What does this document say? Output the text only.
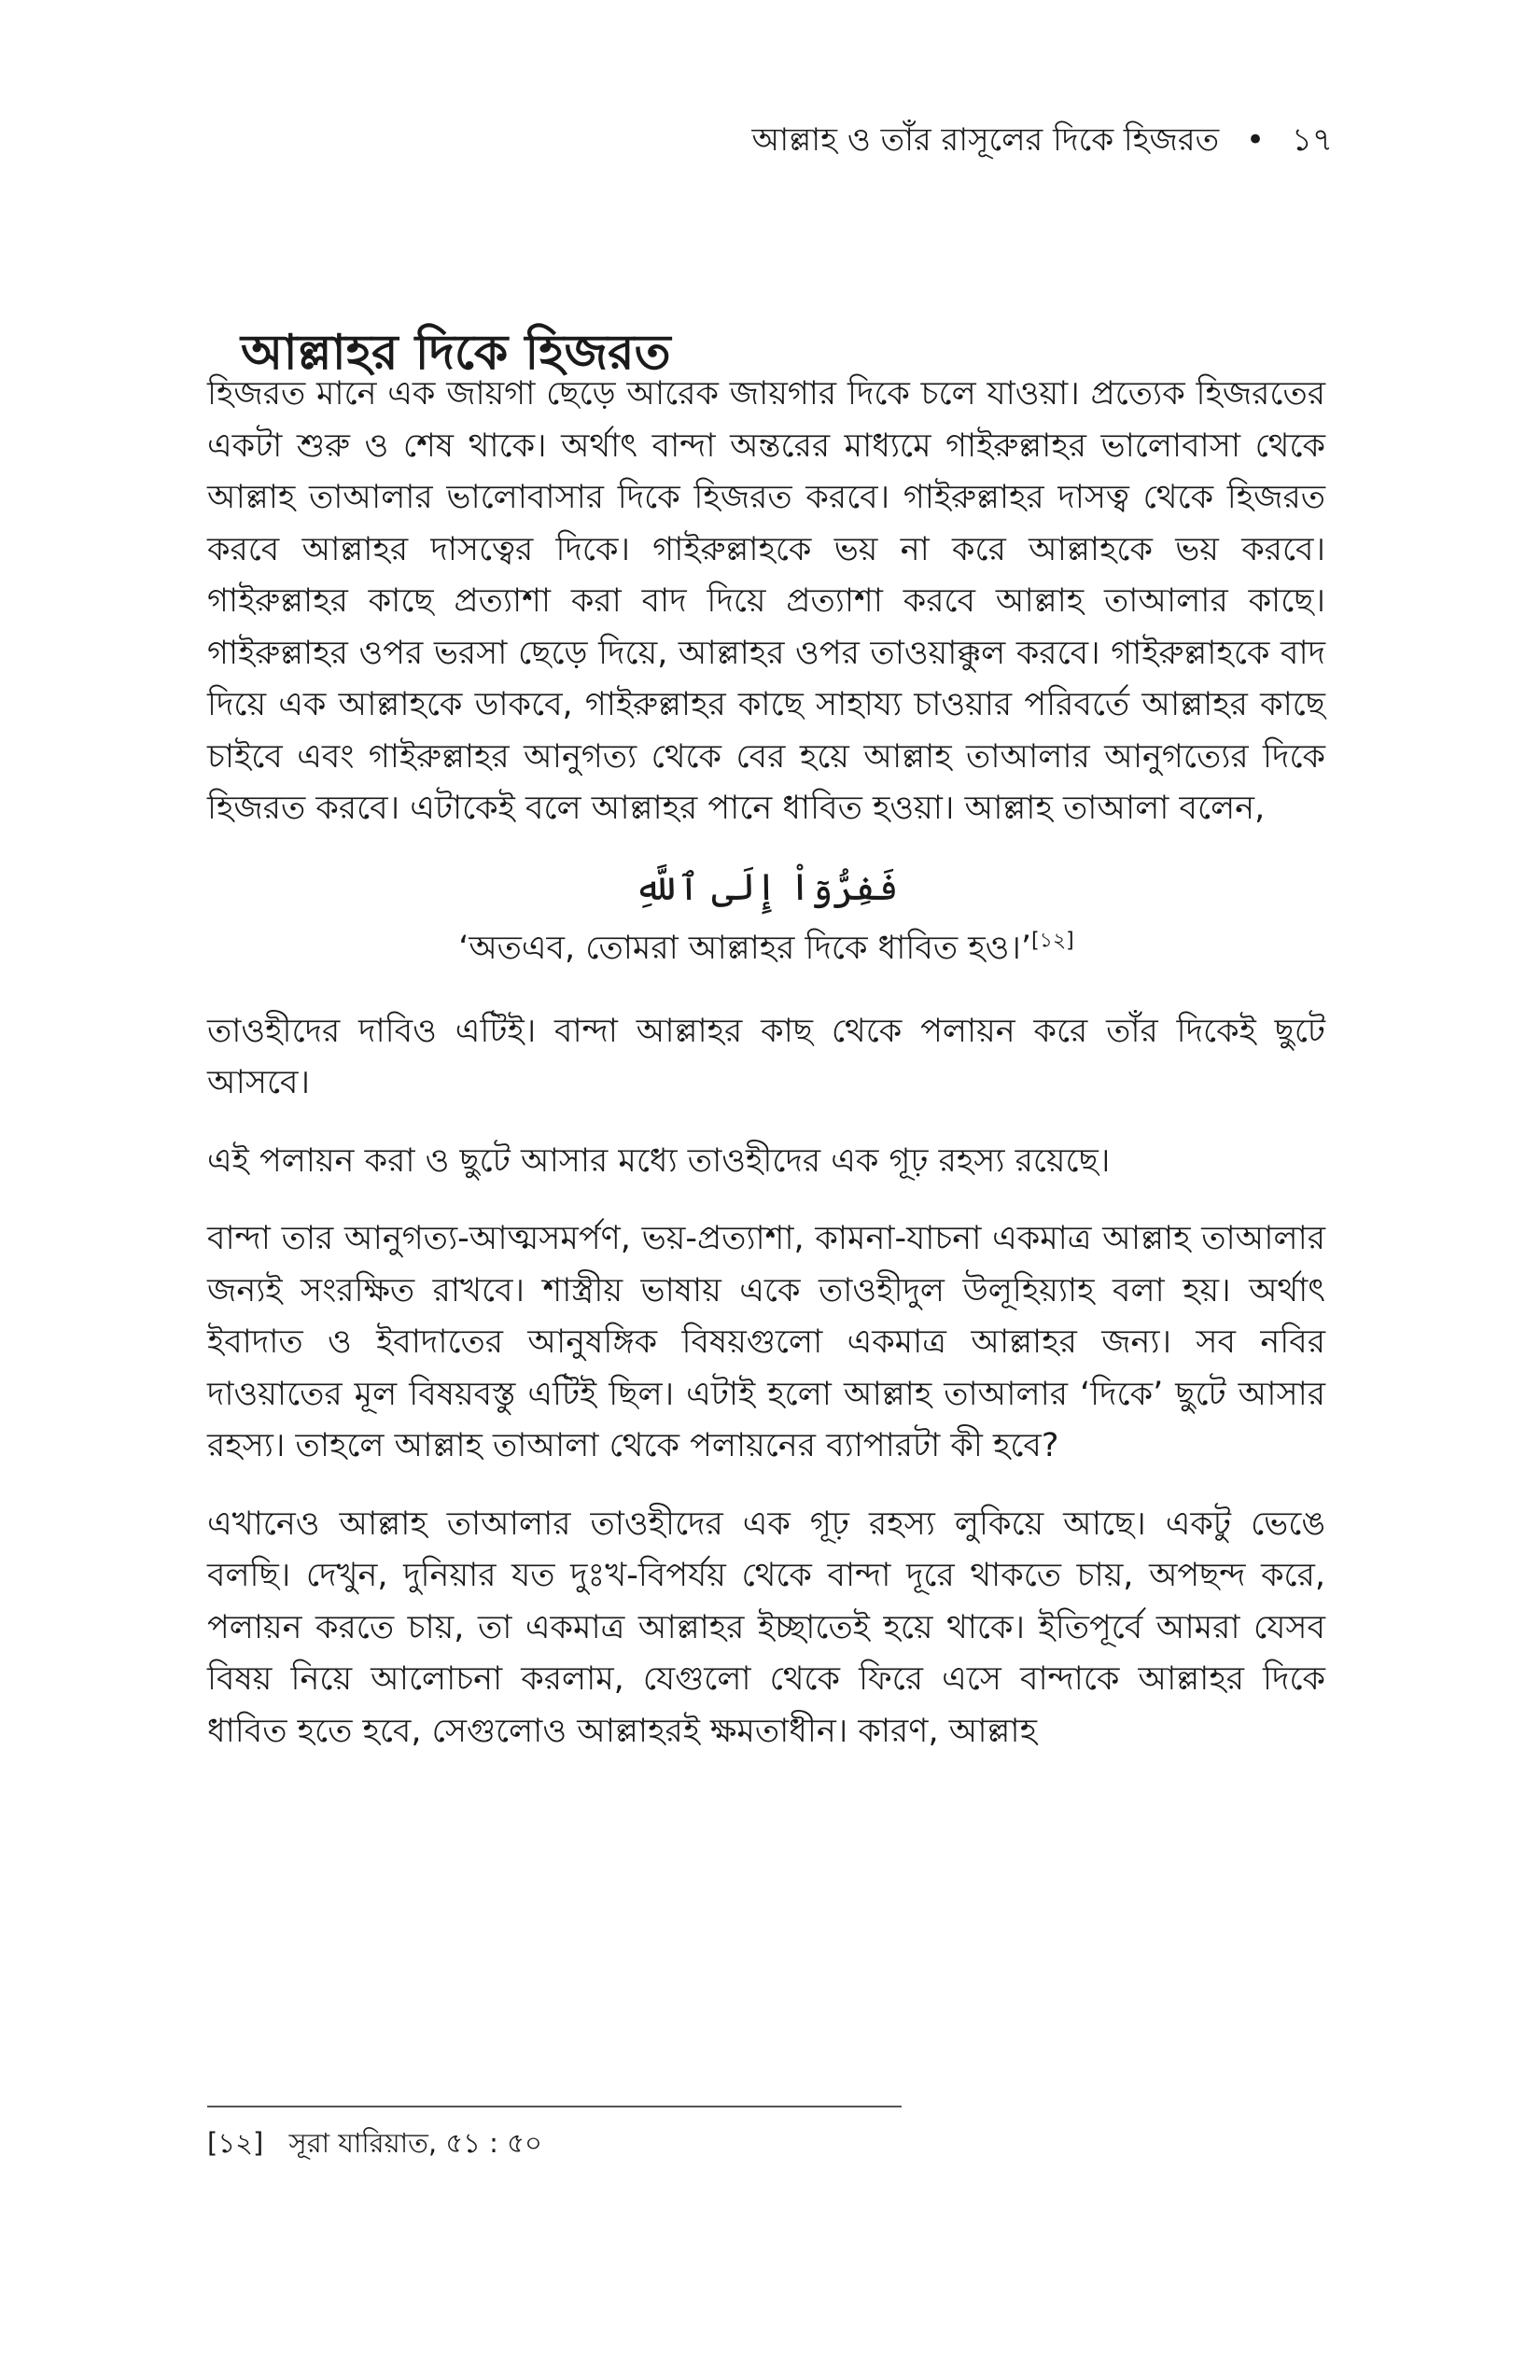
আল্লাহ ও তাঁর রাসূলের দিকে হিজরত • ১৭
আল্লাহর দিকে হিজরত

হিজরত মানে এক জায়গা ছেড়ে আরেক জায়গার দিকে চলে যাওয়া। প্রত্যেক হিজরতের একটা শুরু ও শেষ থাকে। অর্থাৎ বান্দা অন্তরের মাধ্যমে গাইরুল্লাহর ভালোবাসা থেকে আল্লাহ তাআলার ভালোবাসার দিকে হিজরত করবে। গাইরুল্লাহর দাসত্ব থেকে হিজরত করবে আল্লাহর দাসত্বের দিকে। গাইরুল্লাহকে ভয় না করে আল্লাহকে ভয় করবে। গাইরুল্লাহর কাছে প্রত্যাশা করা বাদ দিয়ে প্রত্যাশা করবে আল্লাহ তাআলার কাছে। গাইরুল্লাহর ওপর ভরসা ছেড়ে দিয়ে, আল্লাহর ওপর তাওয়াক্কুল করবে। গাইরুল্লাহকে বাদ দিয়ে এক আল্লাহকে ডাকবে, গাইরুল্লাহর কাছে সাহায্য চাওয়ার পরিবর্তে আল্লাহর কাছে চাইবে এবং গাইরুল্লাহর আনুগত্য থেকে বের হয়ে আল্লাহ তাআলার আনুগত্যের দিকে হিজরত করবে। এটাকেই বলে আল্লাহর পানে ধাবিত হওয়া। আল্লাহ তাআলা বলেন,

فَفِرُّوٓاْ إِلَى ٱللَّهِ
‘অতএব, তোমরা আল্লাহর দিকে ধাবিত হও।’[১২]

তাওহীদের দাবিও এটিই। বান্দা আল্লাহর কাছ থেকে পলায়ন করে তাঁর দিকেই ছুটে আসবে।

এই পলায়ন করা ও ছুটে আসার মধ্যে তাওহীদের এক গূঢ় রহস্য রয়েছে।

বান্দা তার আনুগত্য-আত্মসমর্পণ, ভয়-প্রত্যাশা, কামনা-যাচনা একমাত্র আল্লাহ তাআলার জন্যই সংরক্ষিত রাখবে। শাস্ত্রীয় ভাষায় একে তাওহীদুল উলূহিয়্যাহ বলা হয়। অর্থাৎ ইবাদাত ও ইবাদাতের আনুষঙ্গিক বিষয়গুলো একমাত্র আল্লাহর জন্য। সব নবির দাওয়াতের মূল বিষয়বস্তু এটিই ছিল। এটাই হলো আল্লাহ তাআলার ‘দিকে’ ছুটে আসার রহস্য। তাহলে আল্লাহ তাআলা থেকে পলায়নের ব্যাপারটা কী হবে?

এখানেও আল্লাহ তাআলার তাওহীদের এক গূঢ় রহস্য লুকিয়ে আছে। একটু ভেঙে বলছি। দেখুন, দুনিয়ার যত দুঃখ-বিপর্যয় থেকে বান্দা দূরে থাকতে চায়, অপছন্দ করে, পলায়ন করতে চায়, তা একমাত্র আল্লাহর ইচ্ছাতেই হয়ে থাকে। ইতিপূর্বে আমরা যেসব বিষয় নিয়ে আলোচনা করলাম, যেগুলো থেকে ফিরে এসে বান্দাকে আল্লাহর দিকে ধাবিত হতে হবে, সেগুলোও আল্লাহরই ক্ষমতাধীন। কারণ, আল্লাহ

[১২] সূরা যারিয়াত, ৫১ : ৫০
